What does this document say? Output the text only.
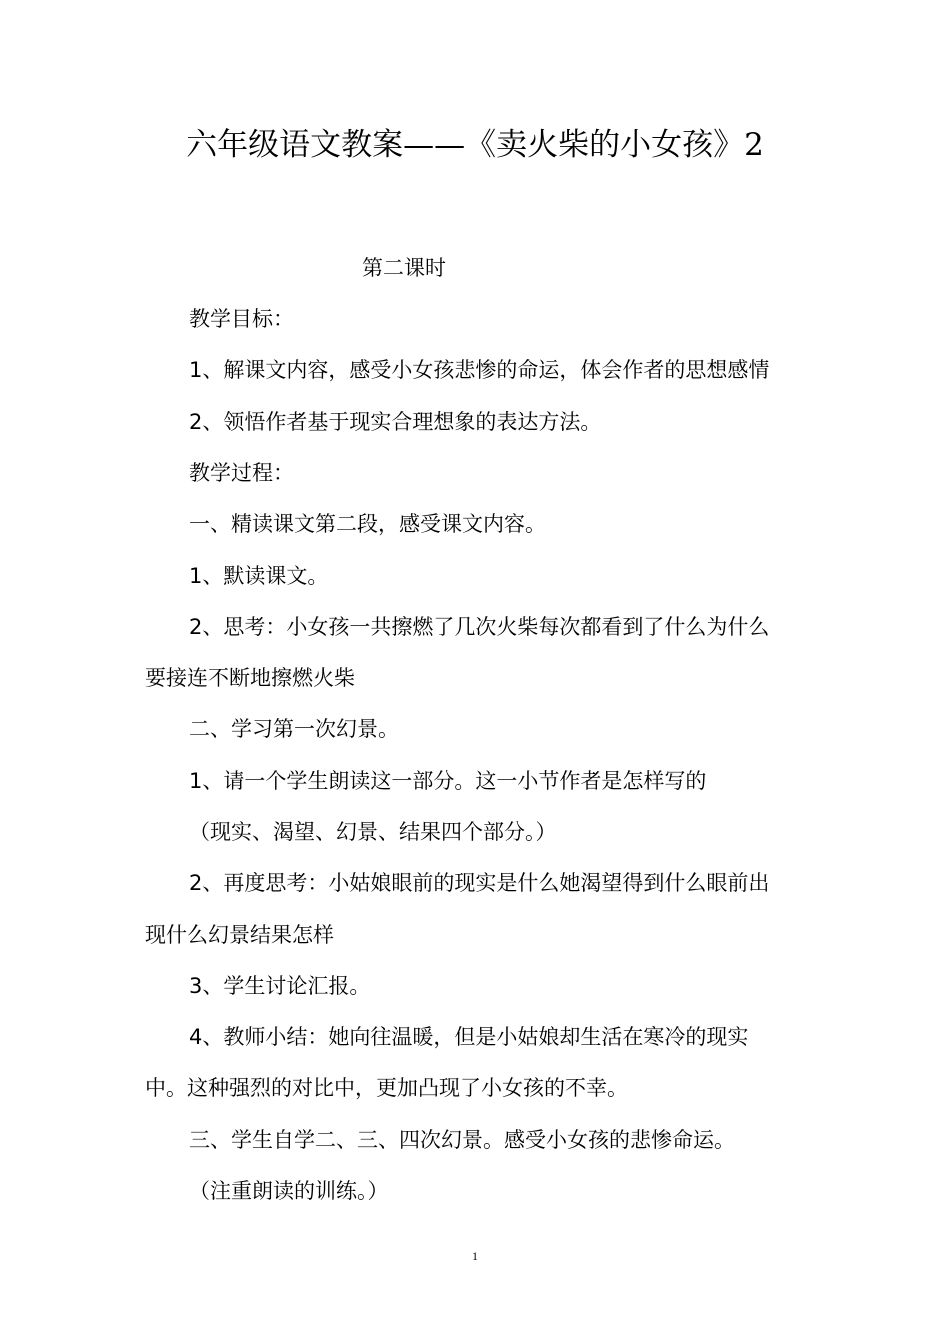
六年级语文教案——《卖火柴的小女孩》2
第二课时
教学目标：
1、解课文内容，感受小女孩悲惨的命运，体会作者的思想感情
2、领悟作者基于现实合理想象的表达方法。
教学过程：
一、精读课文第二段，感受课文内容。
1、默读课文。
2、思考：小女孩一共擦燃了几次火柴每次都看到了什么为什么
要接连不断地擦燃火柴
二、学习第一次幻景。
1、请一个学生朗读这一部分。这一小节作者是怎样写的
（现实、渴望、幻景、结果四个部分。）
2、再度思考：小姑娘眼前的现实是什么她渴望得到什么眼前出
现什么幻景结果怎样
3、学生讨论汇报。
4、教师小结：她向往温暖，但是小姑娘却生活在寒冷的现实
中。这种强烈的对比中，更加凸现了小女孩的不幸。
三、学生自学二、三、四次幻景。感受小女孩的悲惨命运。
（注重朗读的训练。）
1
